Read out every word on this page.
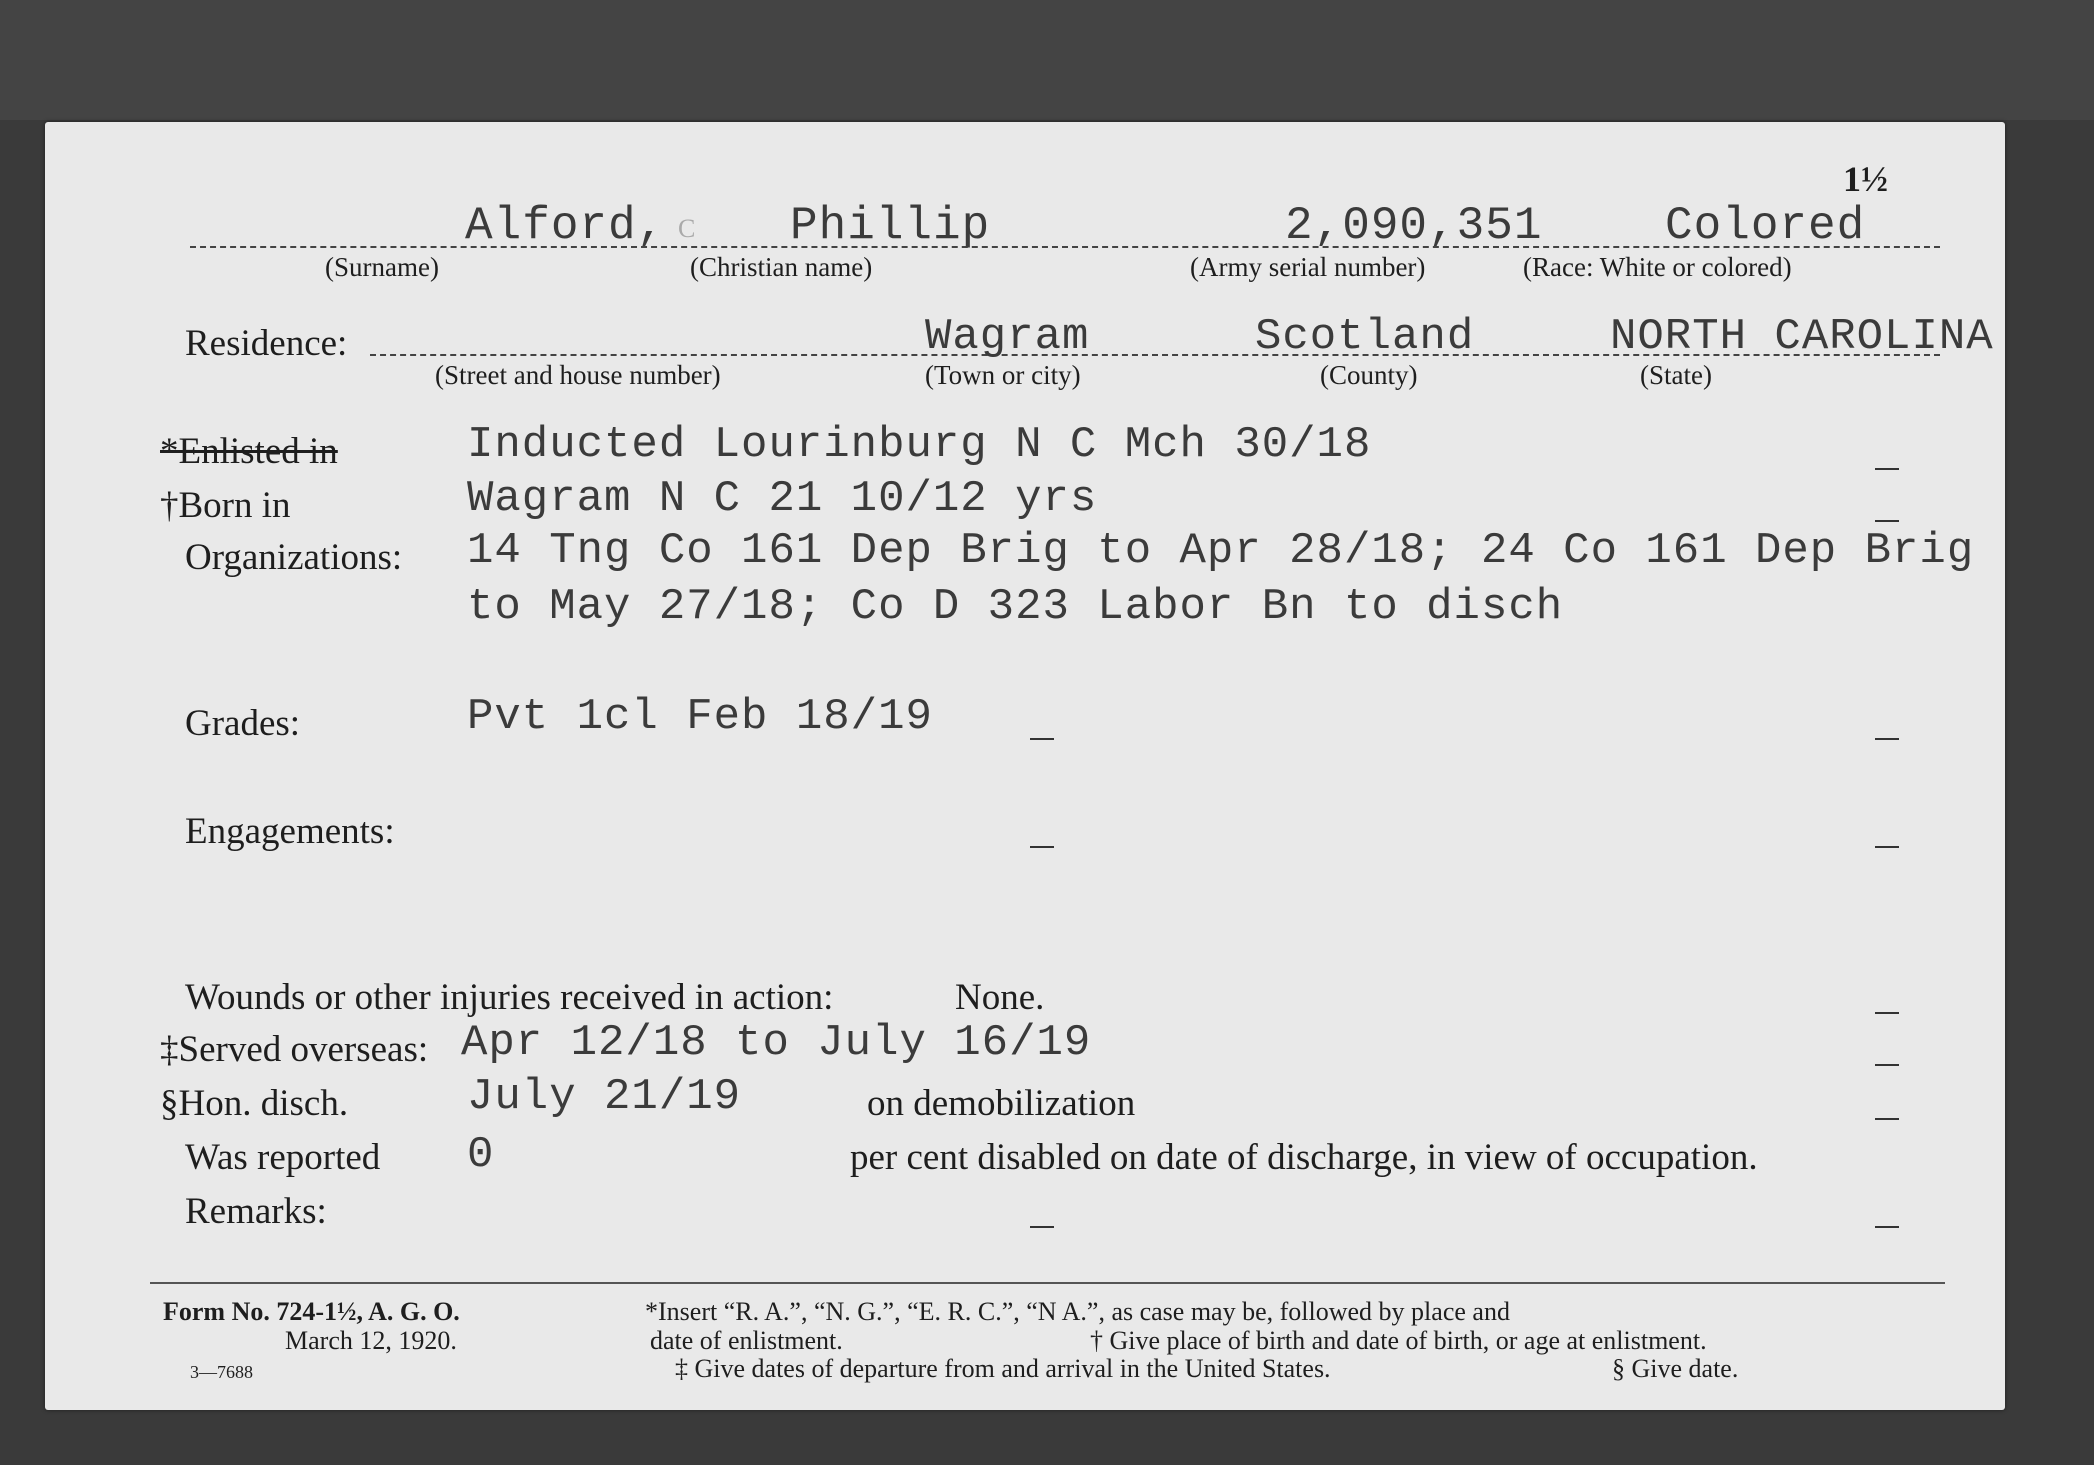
1½
Alford, C Phillip	2,090,351	Colored
(Surname)	(Christian name)	(Army serial number)	(Race: White or colored)
Residence:	Wagram	Scotland	NORTH CAROLINA
(Street and house number)	(Town or city)	(County)	(State)
*Enlisted in	Inducted Lourinburg N C Mch 30/18
†Born in	Wagram N C 21 10/12 yrs
Organizations: 14 Tng Co 161 Dep Brig to Apr 28/18; 24 Co 161 Dep Brig
to May 27/18; Co D 323 Labor Bn to disch
Grades:	Pvt 1cl Feb 18/19
Engagements:
Wounds or other injuries received in action:	None.
‡Served overseas: Apr 12/18 to July 16/19
§Hon. disch.	July 21/19	on demobilization
Was reported 0	per cent disabled on date of discharge, in view of occupation.
Remarks:
Form No. 724-1½, A. G. O.
March 12, 1920.
3—7688
*Insert “R. A.”, “N. G.”, “E. R. C.”, “N A.”, as case may be, followed by place and
date of enlistment.	† Give place of birth and date of birth, or age at enlistment.
‡ Give dates of departure from and arrival in the United States.	§ Give date.
